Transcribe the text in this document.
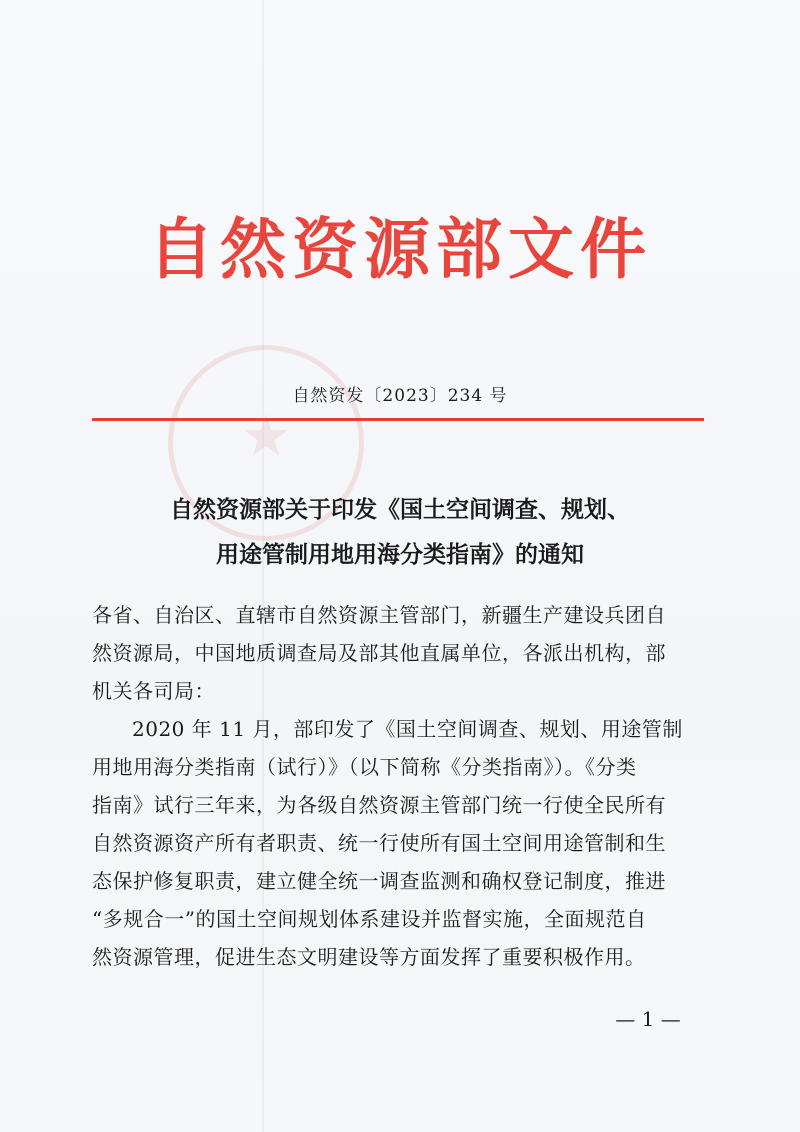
自然资源部文件
自然资发〔2023〕234 号
自然资源部关于印发《国土空间调查、规划、
用途管制用地用海分类指南》的通知
各省、自治区、直辖市自然资源主管部门，新疆生产建设兵团自
然资源局，中国地质调查局及部其他直属单位，各派出机构，部
机关各司局：
2020 年 11 月，部印发了《国土空间调查、规划、用途管制
用地用海分类指南（试行）》（以下简称《分类指南》）。《分类
指南》试行三年来，为各级自然资源主管部门统一行使全民所有
自然资源资产所有者职责、统一行使所有国土空间用途管制和生
态保护修复职责，建立健全统一调查监测和确权登记制度，推进
“多规合一”的国土空间规划体系建设并监督实施，全面规范自
然资源管理，促进生态文明建设等方面发挥了重要积极作用。
— 1 —
